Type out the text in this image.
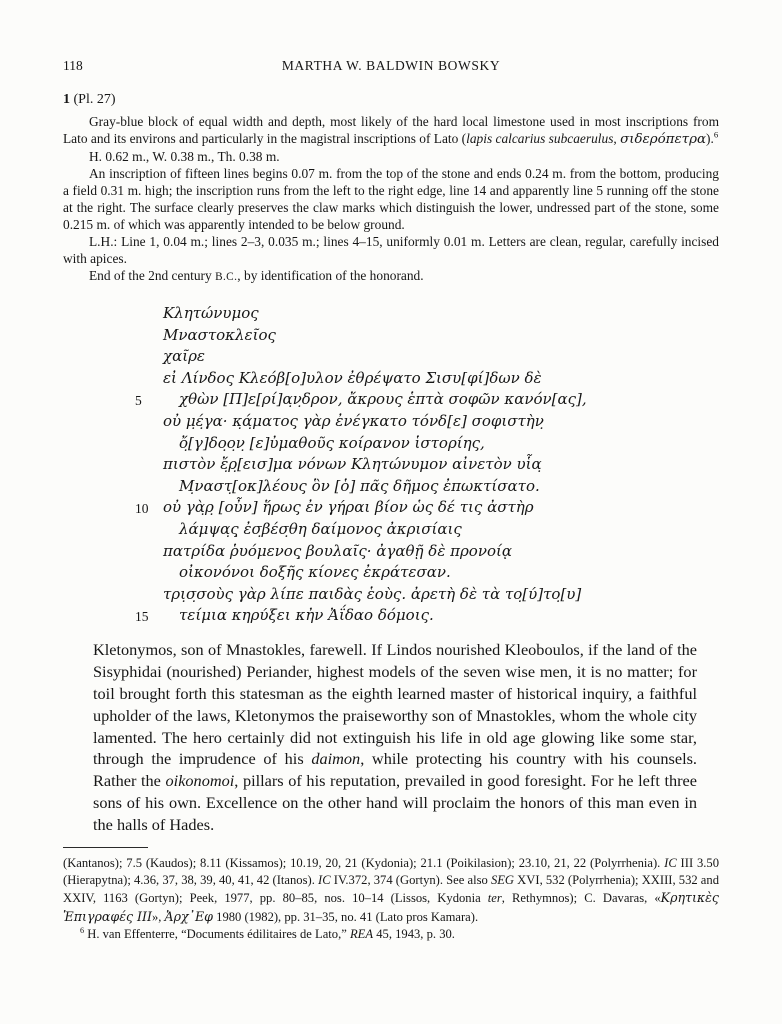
118	MARTHA W. BALDWIN BOWSKY
1 (Pl. 27)

Gray-blue block of equal width and depth, most likely of the hard local limestone used in most inscriptions from Lato and its environs and particularly in the magistral inscriptions of Lato (lapis calcarius subcaerulus, σιδερόπετρα).$^6$

H. 0.62 m., W. 0.38 m., Th. 0.38 m.

An inscription of fifteen lines begins 0.07 m. from the top of the stone and ends 0.24 m. from the bottom, producing a field 0.31 m. high; the inscription runs from the left to the right edge, line 14 and apparently line 5 running off the stone at the right. The surface clearly preserves the claw marks which distinguish the lower, undressed part of the stone, some 0.215 m. of which was apparently intended to be below ground.

L.H.: Line 1, 0.04 m.; lines 2–3, 0.035 m.; lines 4–15, uniformly 0.01 m. Letters are clean, regular, carefully incised with apices.

End of the 2nd century B.C., by identification of the honorand.

Κλητώνυμος
Μναστοκλεῖος
χαῖρε
εἰ Λίνδος Κλεόβ[ο]υλον ἐθρέψατο Σισυ[φί]δων δὲ
5 χθὼν [Π]ε[ρί]α̣ν̣δρον, ἄκρους ἑπτὰ σοφῶν κανόν[ας],
οὐ μ̣έ̣γα· κ̣ά̣ματος γὰρ ἐνέγκατο τόνδ[ε] σοφιστὴν̣
ὄ̣[γ]δο̣ο̣ν̣ [ε]ὐμαθοῦς κοίρανον ἱστορίης,
πιστὸν ἔ̣ρ̣[εισ]μα νόνων Κλητώνυμον αἰνετὸν υἷα̣
Μ̣ναστ̣[οκ]λέους ὃν [ὁ] πᾶς δῆμος ἐπωκτίσατο.
10 οὐ γὰ̣ρ̣ [οὖν] ἥρως ἐν γήραι βίον ὡς δέ τις ἀστὴρ
λάμψα̣ς̣ ἐσ̣βέσ̣θη δαίμονος ἀκρισίαις
πατρίδα ῥυόμενος̣ βουλαῖς· ἀγαθῇ δὲ προνοίᾳ
οἰκονόνοι δοξῆς κίονες ἐκράτεσαν.
τρι̣σ̣σοὺς γὰρ λίπε παιδὰς ἑοὺς. ἀρετὴ δὲ τὰ το̣[ύ]το̣[υ]
15 τείμια κηρύξει κἠν Ἀΐδαο δόμοις.

Kletonymos, son of Mnastokles, farewell. If Lindos nourished Kleoboulos, if the land of the Sisyphidai (nourished) Periander, highest models of the seven wise men, it is no matter; for toil brought forth this statesman as the eighth learned master of historical inquiry, a faithful upholder of the laws, Kletonymos the praiseworthy son of Mnastokles, whom the whole city lamented. The hero certainly did not extinguish his life in old age glowing like some star, through the imprudence of his daimon, while protecting his country with his counsels. Rather the oikonomoi, pillars of his reputation, prevailed in good foresight. For he left three sons of his own. Excellence on the other hand will proclaim the honors of this man even in the halls of Hades.

(Kantanos); 7.5 (Kaudos); 8.11 (Kissamos); 10.19, 20, 21 (Kydonia); 21.1 (Poikilasion); 23.10, 21, 22 (Polyrrhenia). IC III 3.50 (Hierapytna); 4.36, 37, 38, 39, 40, 41, 42 (Itanos). IC IV.372, 374 (Gortyn). See also SEG XVI, 532 (Polyrrhenia); XXIII, 532 and XXIV, 1163 (Gortyn); Peek, 1977, pp. 80–85, nos. 10–14 (Lissos, Kydonia ter, Rethymnos); C. Davaras, «Κρητικὲς Ἐπιγραφές III», Ἀρχ᾿Εφ 1980 (1982), pp. 31–35, no. 41 (Lato pros Kamara).

$^6$ H. van Effenterre, “Documents édilitaires de Lato,” REA 45, 1943, p. 30.
